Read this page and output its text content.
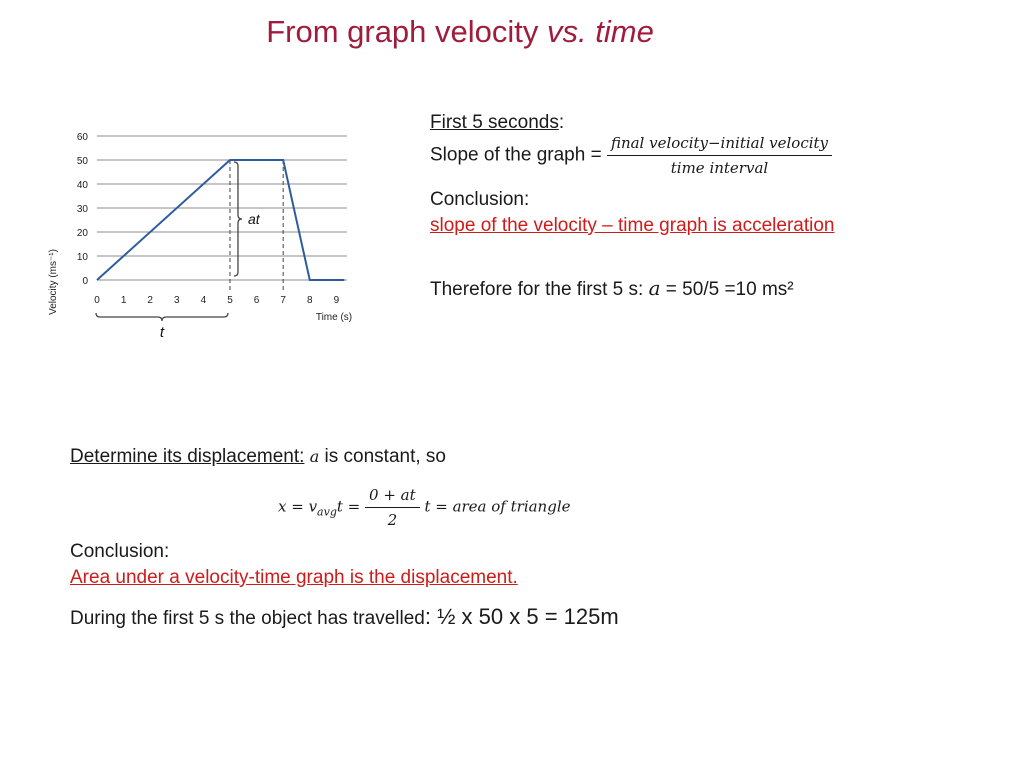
From graph velocity vs. time
at
t
0
10
20
30
40
50
60
0 1 2 3 4 5 6 7 8 9
Velocity (ms⁻¹)
Time (s)
First 5 seconds:
Slope of the graph = $\frac{\text{final velocity−initial velocity}}{\text{time interval}}$
Conclusion:
slope of the velocity – time graph is acceleration
Therefore for the first 5 s: a = 50/5 =10 ms²
Determine its displacement: a is constant, so
$x = v_{avg}t = \frac{0 + at}{2}$ t = area of triangle
Conclusion:
Area under a velocity-time graph is the displacement.
During the first 5 s the object has travelled: ½ x 50 x 5 = 125m
